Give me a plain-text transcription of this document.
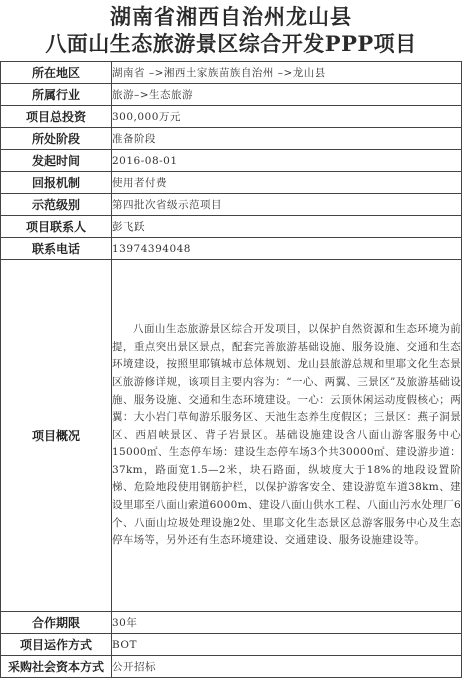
湖南省湘西自治州龙山县
八面山生态旅游景区综合开发PPP项目
所在地区	湖南省 –>湘西土家族苗族自治州 –>龙山县
所属行业	旅游–>生态旅游
项目总投资	300,000万元
所处阶段	准备阶段
发起时间	2016-08-01
回报机制	使用者付费
示范级别	第四批次省级示范项目
项目联系人	彭飞跃
联系电话	13974394048
项目概况	八面山生态旅游景区综合开发项目，以保护自然资源和生态环境为前提，重点突出景区景点，配套完善旅游基础设施、服务设施、交通和生态环境建设，按照里耶镇城市总体规划、龙山县旅游总规和里耶文化生态景区旅游修详规，该项目主要内容为：“一心、两翼、三景区”及旅游基础设施、服务设施、交通和生态环境建设。一心：云顶休闲运动度假核心；两翼：大小岩门草甸游乐服务区、天池生态养生度假区；三景区：燕子洞景区、西眉峡景区、背子岩景区。基础设施建设含八面山游客服务中心15000㎡、生态停车场：建设生态停车场3个共30000㎡、建设游步道：37km，路面宽1.5—2米，块石路面，纵坡度大于18%的地段设置阶梯、危险地段使用钢筋护栏，以保护游客安全、建设游览车道38km、建设里耶至八面山索道6000m、建设八面山供水工程、八面山污水处理厂6个、八面山垃圾处理设施2处、里耶文化生态景区总游客服务中心及生态停车场等，另外还有生态环境建设、交通建设、服务设施建设等。
合作期限	30年
项目运作方式	BOT
采购社会资本方式	公开招标
